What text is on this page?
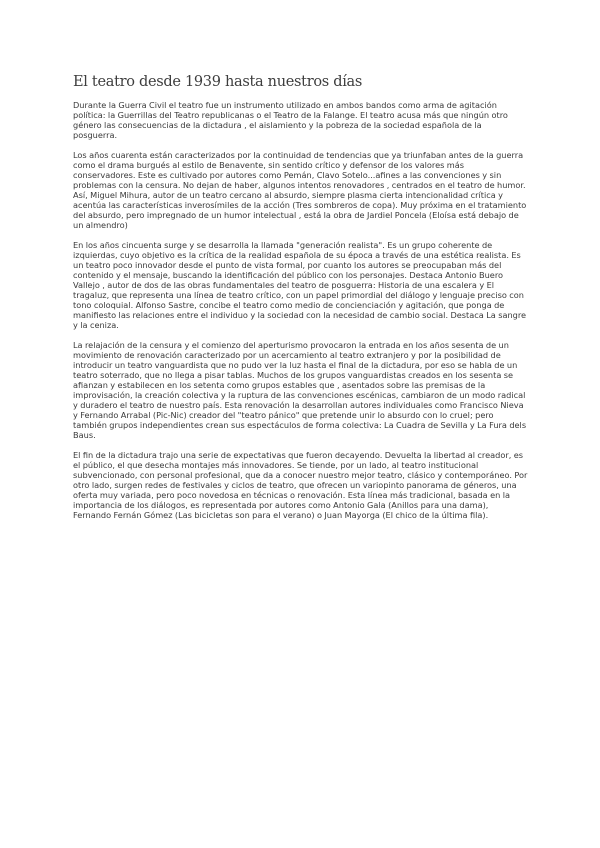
El teatro desde 1939 hasta nuestros días

Durante la Guerra Civil el teatro fue un instrumento utilizado en ambos bandos como arma de agitación política: la Guerrillas del Teatro republicanas o el Teatro de la Falange. El teatro acusa más que ningún otro género las consecuencias de la dictadura , el aislamiento y la pobreza de la sociedad española de la posguerra.

Los años cuarenta están caracterizados por la continuidad de tendencias que ya triunfaban antes de la guerra como el drama burgués al estilo de Benavente, sin sentido crítico y defensor de los valores más conservadores. Este es cultivado por autores como Pemán, Clavo Sotelo...afines a las convenciones y sin problemas con la censura. No dejan de haber, algunos intentos renovadores , centrados en el teatro de humor. Así, Miguel Mihura, autor de un teatro cercano al absurdo, siempre plasma cierta intencionalidad crítica y acentúa las características inverosímiles de la acción (Tres sombreros de copa). Muy próxima en el tratamiento del absurdo, pero impregnado de un humor intelectual , está la obra de Jardiel Poncela (Eloísa está debajo de un almendro)

En los años cincuenta surge y se desarrolla la llamada "generación realista". Es un grupo coherente de izquierdas, cuyo objetivo es la crítica de la realidad española de su época a través de una estética realista. Es un teatro poco innovador desde el punto de vista formal, por cuanto los autores se preocupaban más del contenido y el mensaje, buscando la identificación del público con los personajes. Destaca Antonio Buero Vallejo , autor de dos de las obras fundamentales del teatro de posguerra: Historia de una escalera y El tragaluz, que representa una línea de teatro crítico, con un papel primordial del diálogo y lenguaje preciso con tono coloquial. Alfonso Sastre, concibe el teatro como medio de concienciación y agitación, que ponga de manifiesto las relaciones entre el individuo y la sociedad con la necesidad de cambio social. Destaca La sangre y la ceniza.

La relajación de la censura y el comienzo del aperturismo provocaron la entrada en los años sesenta de un movimiento de renovación caracterizado por un acercamiento al teatro extranjero y por la posibilidad de introducir un teatro vanguardista que no pudo ver la luz hasta el final de la dictadura, por eso se habla de un teatro soterrado, que no llega a pisar tablas. Muchos de los grupos vanguardistas creados en los sesenta se afianzan y estabilecen en los setenta como grupos estables que , asentados sobre las premisas de la improvisación, la creación colectiva y la ruptura de las convenciones escénicas, cambiaron de un modo radical y duradero el teatro de nuestro país. Esta renovación la desarrollan autores individuales como Francisco Nieva y Fernando Arrabal (Pic-Nic) creador del "teatro pánico" que pretende unir lo absurdo con lo cruel; pero también grupos independientes crean sus espectáculos de forma colectiva: La Cuadra de Sevilla y La Fura dels Baus.

El fin de la dictadura trajo una serie de expectativas que fueron decayendo. Devuelta la libertad al creador, es el público, el que desecha montajes más innovadores. Se tiende, por un lado, al teatro institucional subvencionado, con personal profesional, que da a conocer nuestro mejor teatro, clásico y contemporáneo. Por otro lado, surgen redes de festivales y ciclos de teatro, que ofrecen un variopinto panorama de géneros, una oferta muy variada, pero poco novedosa en técnicas o renovación. Esta línea más tradicional, basada en la importancia de los diálogos, es representada por autores como Antonio Gala (Anillos para una dama), Fernando Fernán Gómez (Las bicicletas son para el verano) o Juan Mayorga (El chico de la última fila).
